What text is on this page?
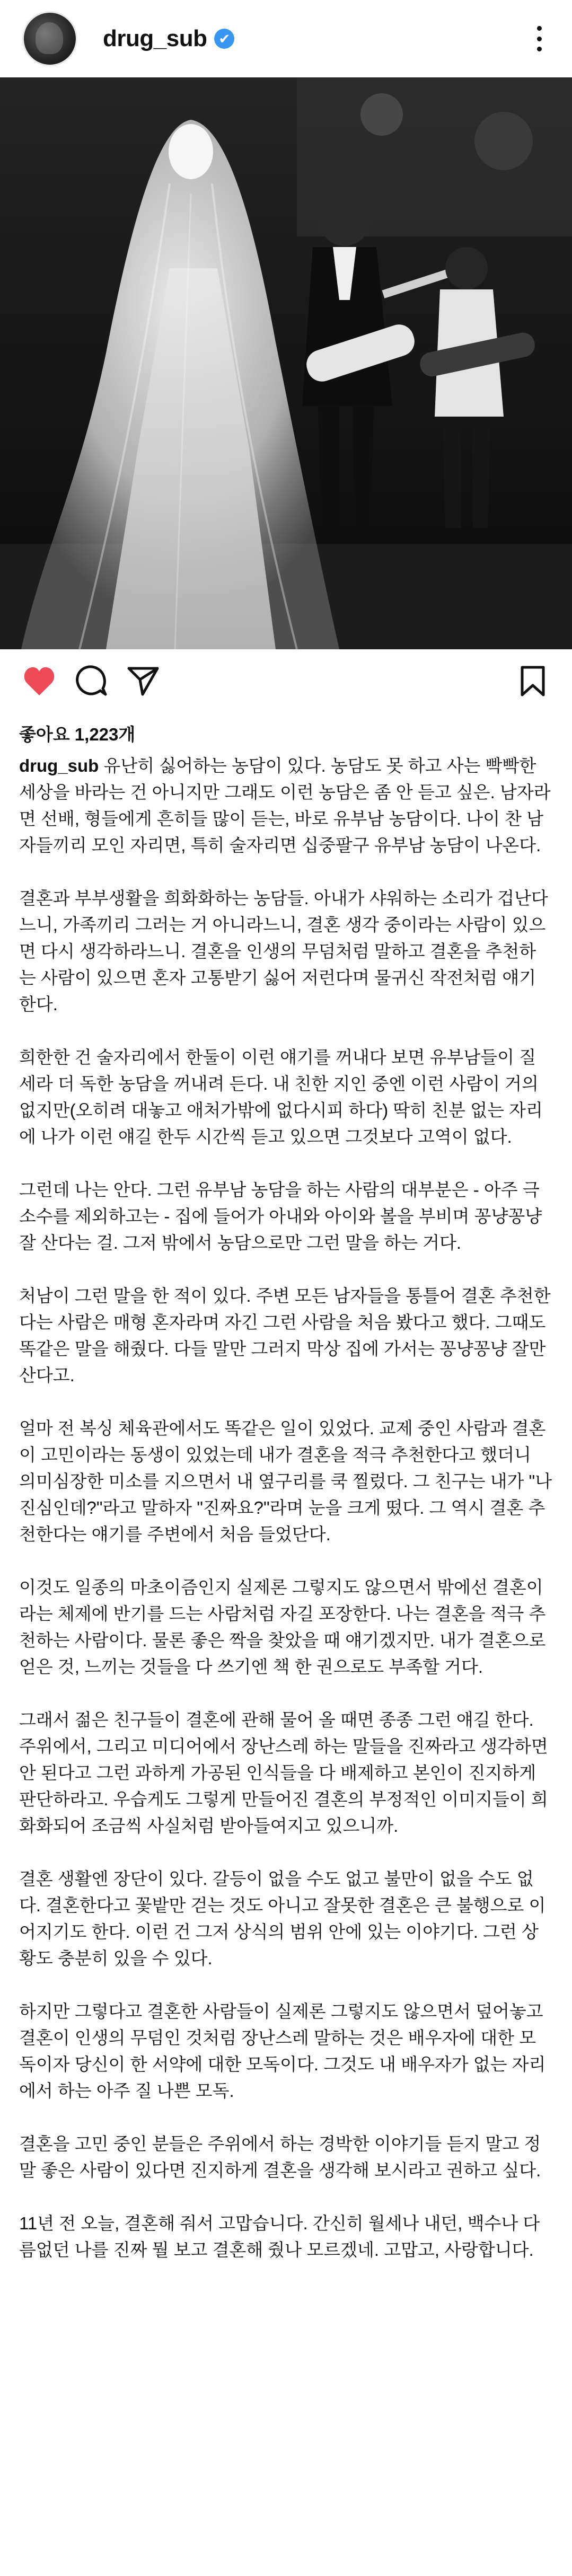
drug_sub ✔
좋아요 1,223개

drug_sub 유난히 싫어하는 농담이 있다. 농담도 못 하고 사는 빡빡한 세상을 바라는 건 아니지만 그래도 이런 농담은 좀 안 듣고 싶은. 남자라면 선배, 형들에게 흔히들 많이 듣는, 바로 유부남 농담이다. 나이 찬 남자들끼리 모인 자리면, 특히 술자리면 십중팔구 유부남 농담이 나온다.

결혼과 부부생활을 희화화하는 농담들. 아내가 샤워하는 소리가 겁난다느니, 가족끼리 그러는 거 아니라느니, 결혼 생각 중이라는 사람이 있으면 다시 생각하라느니. 결혼을 인생의 무덤처럼 말하고 결혼을 추천하는 사람이 있으면 혼자 고통받기 싫어 저런다며 물귀신 작전처럼 얘기한다.

희한한 건 술자리에서 한둘이 이런 얘기를 꺼내다 보면 유부남들이 질세라 더 독한 농담을 꺼내려 든다. 내 친한 지인 중엔 이런 사람이 거의 없지만(오히려 대놓고 애처가밖에 없다시피 하다) 딱히 친분 없는 자리에 나가 이런 얘길 한두 시간씩 듣고 있으면 그것보다 고역이 없다.

그런데 나는 안다. 그런 유부남 농담을 하는 사람의 대부분은 - 아주 극소수를 제외하고는 - 집에 들어가 아내와 아이와 볼을 부비며 꽁냥꽁냥 잘 산다는 걸. 그저 밖에서 농담으로만 그런 말을 하는 거다.

처남이 그런 말을 한 적이 있다. 주변 모든 남자들을 통틀어 결혼 추천한다는 사람은 매형 혼자라며 자긴 그런 사람을 처음 봤다고 했다. 그때도 똑같은 말을 해줬다. 다들 말만 그러지 막상 집에 가서는 꽁냥꽁냥 잘만 산다고.

얼마 전 복싱 체육관에서도 똑같은 일이 있었다. 교제 중인 사람과 결혼이 고민이라는 동생이 있었는데 내가 결혼을 적극 추천한다고 했더니 의미심장한 미소를 지으면서 내 옆구리를 쿡 찔렀다. 그 친구는 내가 "나 진심인데?"라고 말하자 "진짜요?"라며 눈을 크게 떴다. 그 역시 결혼 추천한다는 얘기를 주변에서 처음 들었단다.

이것도 일종의 마초이즘인지 실제론 그렇지도 않으면서 밖에선 결혼이라는 체제에 반기를 드는 사람처럼 자길 포장한다. 나는 결혼을 적극 추천하는 사람이다. 물론 좋은 짝을 찾았을 때 얘기겠지만. 내가 결혼으로 얻은 것, 느끼는 것들을 다 쓰기엔 책 한 권으로도 부족할 거다.

그래서 젊은 친구들이 결혼에 관해 물어 올 때면 종종 그런 얘길 한다. 주위에서, 그리고 미디어에서 장난스레 하는 말들을 진짜라고 생각하면 안 된다고 그런 과하게 가공된 인식들을 다 배제하고 본인이 진지하게 판단하라고. 우습게도 그렇게 만들어진 결혼의 부정적인 이미지들이 희화화되어 조금씩 사실처럼 받아들여지고 있으니까.

결혼 생활엔 장단이 있다. 갈등이 없을 수도 없고 불만이 없을 수도 없다. 결혼한다고 꽃밭만 걷는 것도 아니고 잘못한 결혼은 큰 불행으로 이어지기도 한다. 이런 건 그저 상식의 범위 안에 있는 이야기다. 그런 상황도 충분히 있을 수 있다.

하지만 그렇다고 결혼한 사람들이 실제론 그렇지도 않으면서 덮어놓고 결혼이 인생의 무덤인 것처럼 장난스레 말하는 것은 배우자에 대한 모독이자 당신이 한 서약에 대한 모독이다. 그것도 내 배우자가 없는 자리에서 하는 아주 질 나쁜 모독.

결혼을 고민 중인 분들은 주위에서 하는 경박한 이야기들 듣지 말고 정말 좋은 사람이 있다면 진지하게 결혼을 생각해 보시라고 권하고 싶다.

11년 전 오늘, 결혼해 줘서 고맙습니다. 간신히 월세나 내던, 백수나 다름없던 나를 진짜 뭘 보고 결혼해 줬나 모르겠네. 고맙고, 사랑합니다.
